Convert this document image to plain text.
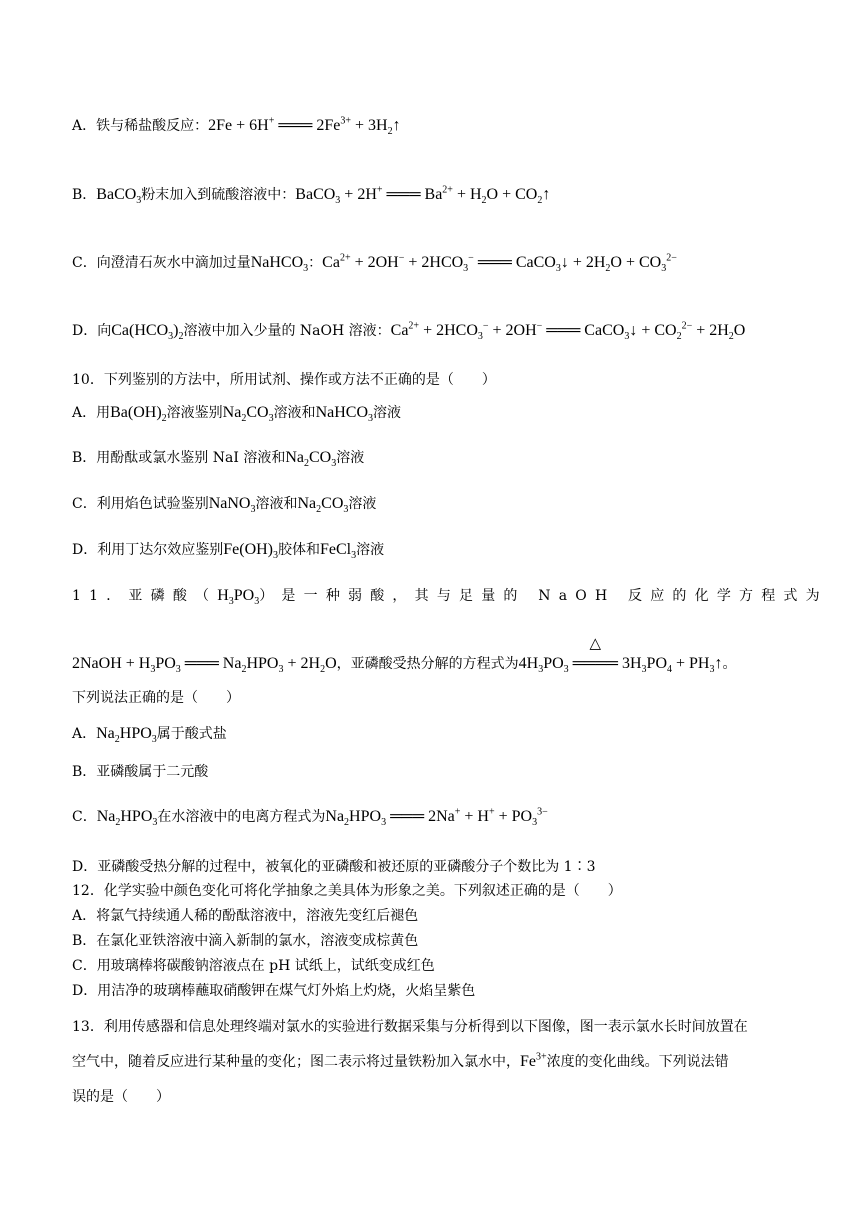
A．铁与稀盐酸反应：2Fe + 6H+ ═══ $2Fe^{3+}$ + $3H_2↑$
B．BaCO$_3$粉末加入到硫酸溶液中：BaCO$_3$ + 2H+ ═══ $Ba^{2+} + H_2O$ + $CO_2↑$
C．向澄清石灰水中滴加过量NaHCO$_3$：$Ca^{2+} + 2OH^- + 2HCO_3^-$ ═══ CaCO$_3$↓ + $2H_2O + CO_3^{2-}$
D．向$Ca(HCO_3)_2$溶液中加入少量的 NaOH 溶液：$Ca^{2+} + 2HCO_3^- + 2OH^-$ ═══ CaCO$_3$↓ + $CO_2^{2-} + 2H_2O$
10．下列鉴别的方法中，所用试剂、操作或方法不正确的是（　　）
A．用$Ba(OH)_2$溶液鉴别$Na_2CO_3$溶液和NaHCO$_3$溶液
B．用酚酞或氯水鉴别 NaI 溶液和$Na_2CO_3$溶液
C．利用焰色试验鉴别NaNO$_3$溶液和$Na_2CO_3$溶液
D．利用丁达尔效应鉴别$Fe(OH)_3$胶体和FeCl$_3$溶液
11．亚磷酸$(H_3PO_3)$是一种弱酸，其与足量的 NaOH 反应的化学方程式为
2NaOH + $H_3PO_3$ ═══ $Na_2HPO_3 + 2H_2O$，亚磷酸受热分解的方程式为$4H_3PO_3$
△
════ $3H_3PO_4$ + $PH_3↑$。
下列说法正确的是（　　）
A．$Na_2HPO_3$属于酸式盐
B．亚磷酸属于二元酸
C．$Na_2HPO_3$在水溶液中的电离方程式为$Na_2HPO_3$ ═══ $2Na^+ + H^+ + PO_3^{3-}$
D．亚磷酸受热分解的过程中，被氧化的亚磷酸和被还原的亚磷酸分子个数比为 1∶3
12．化学实验中颜色变化可将化学抽象之美具体为形象之美。下列叙述正确的是（　　）
A．将氯气持续通人稀的酚酞溶液中，溶液先变红后褪色
B．在氯化亚铁溶液中滴入新制的氯水，溶液变成棕黄色
C．用玻璃棒将碳酸钠溶液点在 pH 试纸上，试纸变成红色
D．用洁净的玻璃棒蘸取硝酸钾在煤气灯外焰上灼烧，火焰呈紫色
13．利用传感器和信息处理终端对氯水的实验进行数据采集与分析得到以下图像，图一表示氯水长时间放置在
空气中，随着反应进行某种量的变化；图二表示将过量铁粉加入氯水中，$Fe^{3+}$浓度的变化曲线。下列说法错
误的是（　　）
